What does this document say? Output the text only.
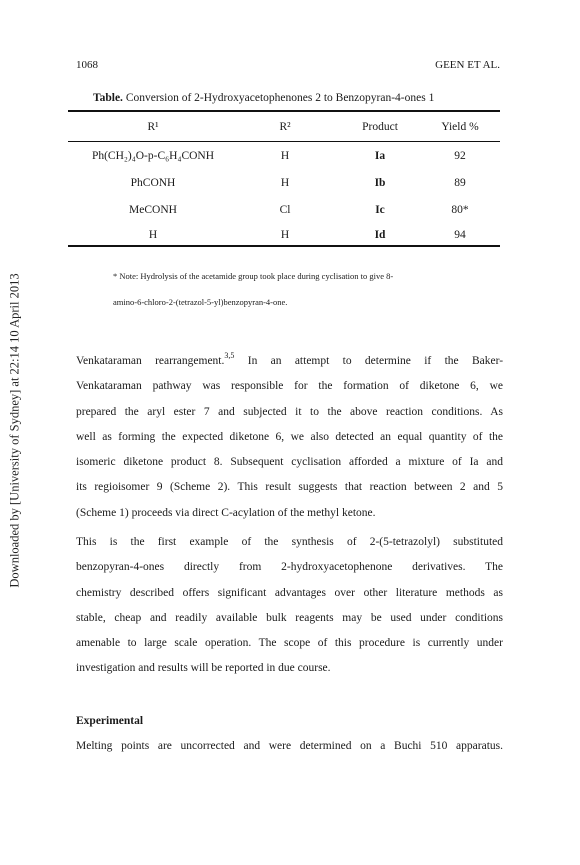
Downloaded by [University of Sydney] at 22:14 10 April 2013
1068	GEEN ET AL.
Table. Conversion of 2-Hydroxyacetophenones 2 to Benzopyran-4-ones 1
R¹	R²	Product	Yield %
Ph(CH₂)₄O-p-C₆H₄CONH	H	Ia	92
PhCONH	H	Ib	89
MeCONH	Cl	Ic	80*
H	H	Id	94
* Note: Hydrolysis of the acetamide group took place during cyclisation to give 8-
amino-6-chloro-2-(tetrazol-5-yl)benzopyran-4-one.
Venkataraman rearrangement.$^{3,5}$ In an attempt to determine if the Baker-
Venkataraman pathway was responsible for the formation of diketone 6, we
prepared the aryl ester 7 and subjected it to the above reaction conditions. As
well as forming the expected diketone 6, we also detected an equal quantity of the
isomeric diketone product 8. Subsequent cyclisation afforded a mixture of Ia and
its regioisomer 9 (Scheme 2). This result suggests that reaction between 2 and 5
(Scheme 1) proceeds via direct C-acylation of the methyl ketone.
This is the first example of the synthesis of 2-(5-tetrazolyl) substituted
benzopyran-4-ones directly from 2-hydroxyacetophenone derivatives. The
chemistry described offers significant advantages over other literature methods as
stable, cheap and readily available bulk reagents may be used under conditions
amenable to large scale operation. The scope of this procedure is currently under
investigation and results will be reported in due course.
Experimental
Melting points are uncorrected and were determined on a Buchi 510 apparatus.
